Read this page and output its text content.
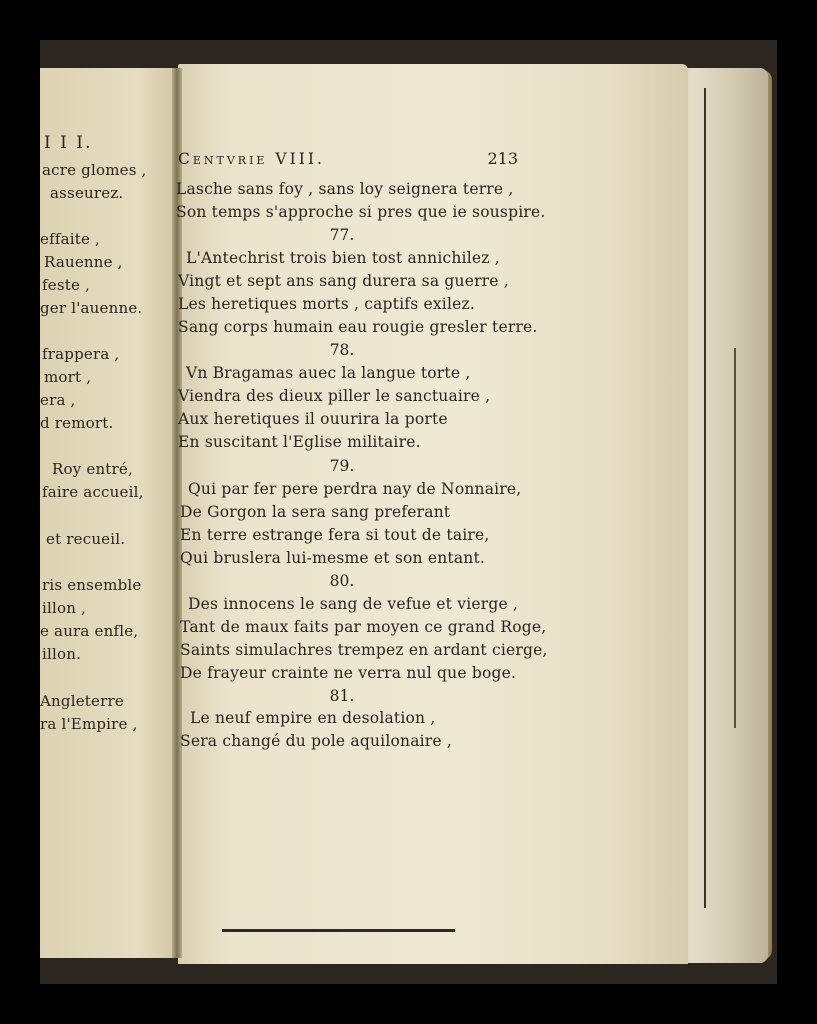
I I I.
acre glomes ,
asseurez.
effaite ,
Rauenne ,
feste ,
ger l'auenne.
frappera ,
mort ,
era ,
d remort.
Roy entré,
faire accueil,
et recueil.
ris ensemble
illon ,
e aura enfle,
illon.
Angleterre
ra l'Empire ,
Centvrie VIII.	213
Lasche sans foy , sans loy seignera terre ,
Son temps s'approche si pres que ie souspire.
77.
L'Antechrist trois bien tost annichilez ,
Vingt et sept ans sang durera sa guerre ,
Les heretiques morts , captifs exilez.
Sang corps humain eau rougie gresler terre.
78.
Vn Bragamas auec la langue torte ,
Viendra des dieux piller le sanctuaire ,
Aux heretiques il ouurira la porte
En suscitant l'Eglise militaire.
79.
Qui par fer pere perdra nay de Nonnaire,
De Gorgon la sera sang preferant
En terre estrange fera si tout de taire,
Qui bruslera lui-mesme et son entant.
80.
Des innocens le sang de vefue et vierge ,
Tant de maux faits par moyen ce grand Roge,
Saints simulachres trempez en ardant cierge,
De frayeur crainte ne verra nul que boge.
81.
Le neuf empire en desolation ,
Sera changé du pole aquilonaire ,
